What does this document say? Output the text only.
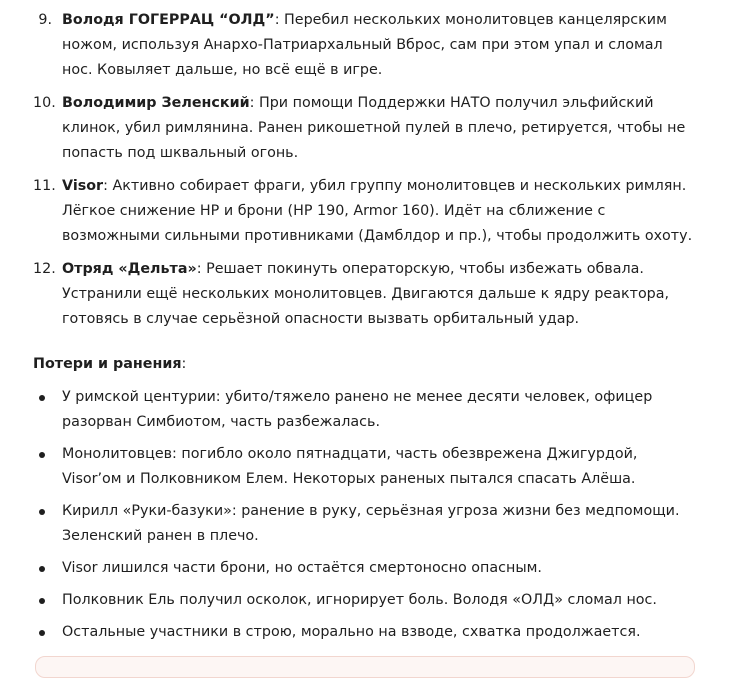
9. Володя ГОГЕРРАЦ “ОЛД”: Перебил нескольких монолитовцев канцелярским ножом, используя Анархо-Патриархальный Вброс, сам при этом упал и сломал нос. Ковыляет дальше, но всё ещё в игре.
10. Володимир Зеленский: При помощи Поддержки НАТО получил эльфийский клинок, убил римлянина. Ранен рикошетной пулей в плечо, ретируется, чтобы не попасть под шквальный огонь.
11. Visor: Активно собирает фраги, убил группу монолитовцев и нескольких римлян. Лёгкое снижение HP и брони (HP 190, Armor 160). Идёт на сближение с возможными сильными противниками (Дамблдор и пр.), чтобы продолжить охоту.
12. Отряд «Дельта»: Решает покинуть операторскую, чтобы избежать обвала. Устранили ещё нескольких монолитовцев. Двигаются дальше к ядру реактора, готовясь в случае серьёзной опасности вызвать орбитальный удар.
Потери и ранения:
У римской центурии: убито/тяжело ранено не менее десяти человек, офицер разорван Симбиотом, часть разбежалась.
Монолитовцев: погибло около пятнадцати, часть обезврежена Джигурдой, Visor’ом и Полковником Елем. Некоторых раненых пытался спасать Алёша.
Кирилл «Руки-базуки»: ранение в руку, серьёзная угроза жизни без медпомощи. Зеленский ранен в плечо.
Visor лишился части брони, но остаётся смертоносно опасным.
Полковник Ель получил осколок, игнорирует боль. Володя «ОЛД» сломал нос.
Остальные участники в строю, морально на взводе, схватка продолжается.
